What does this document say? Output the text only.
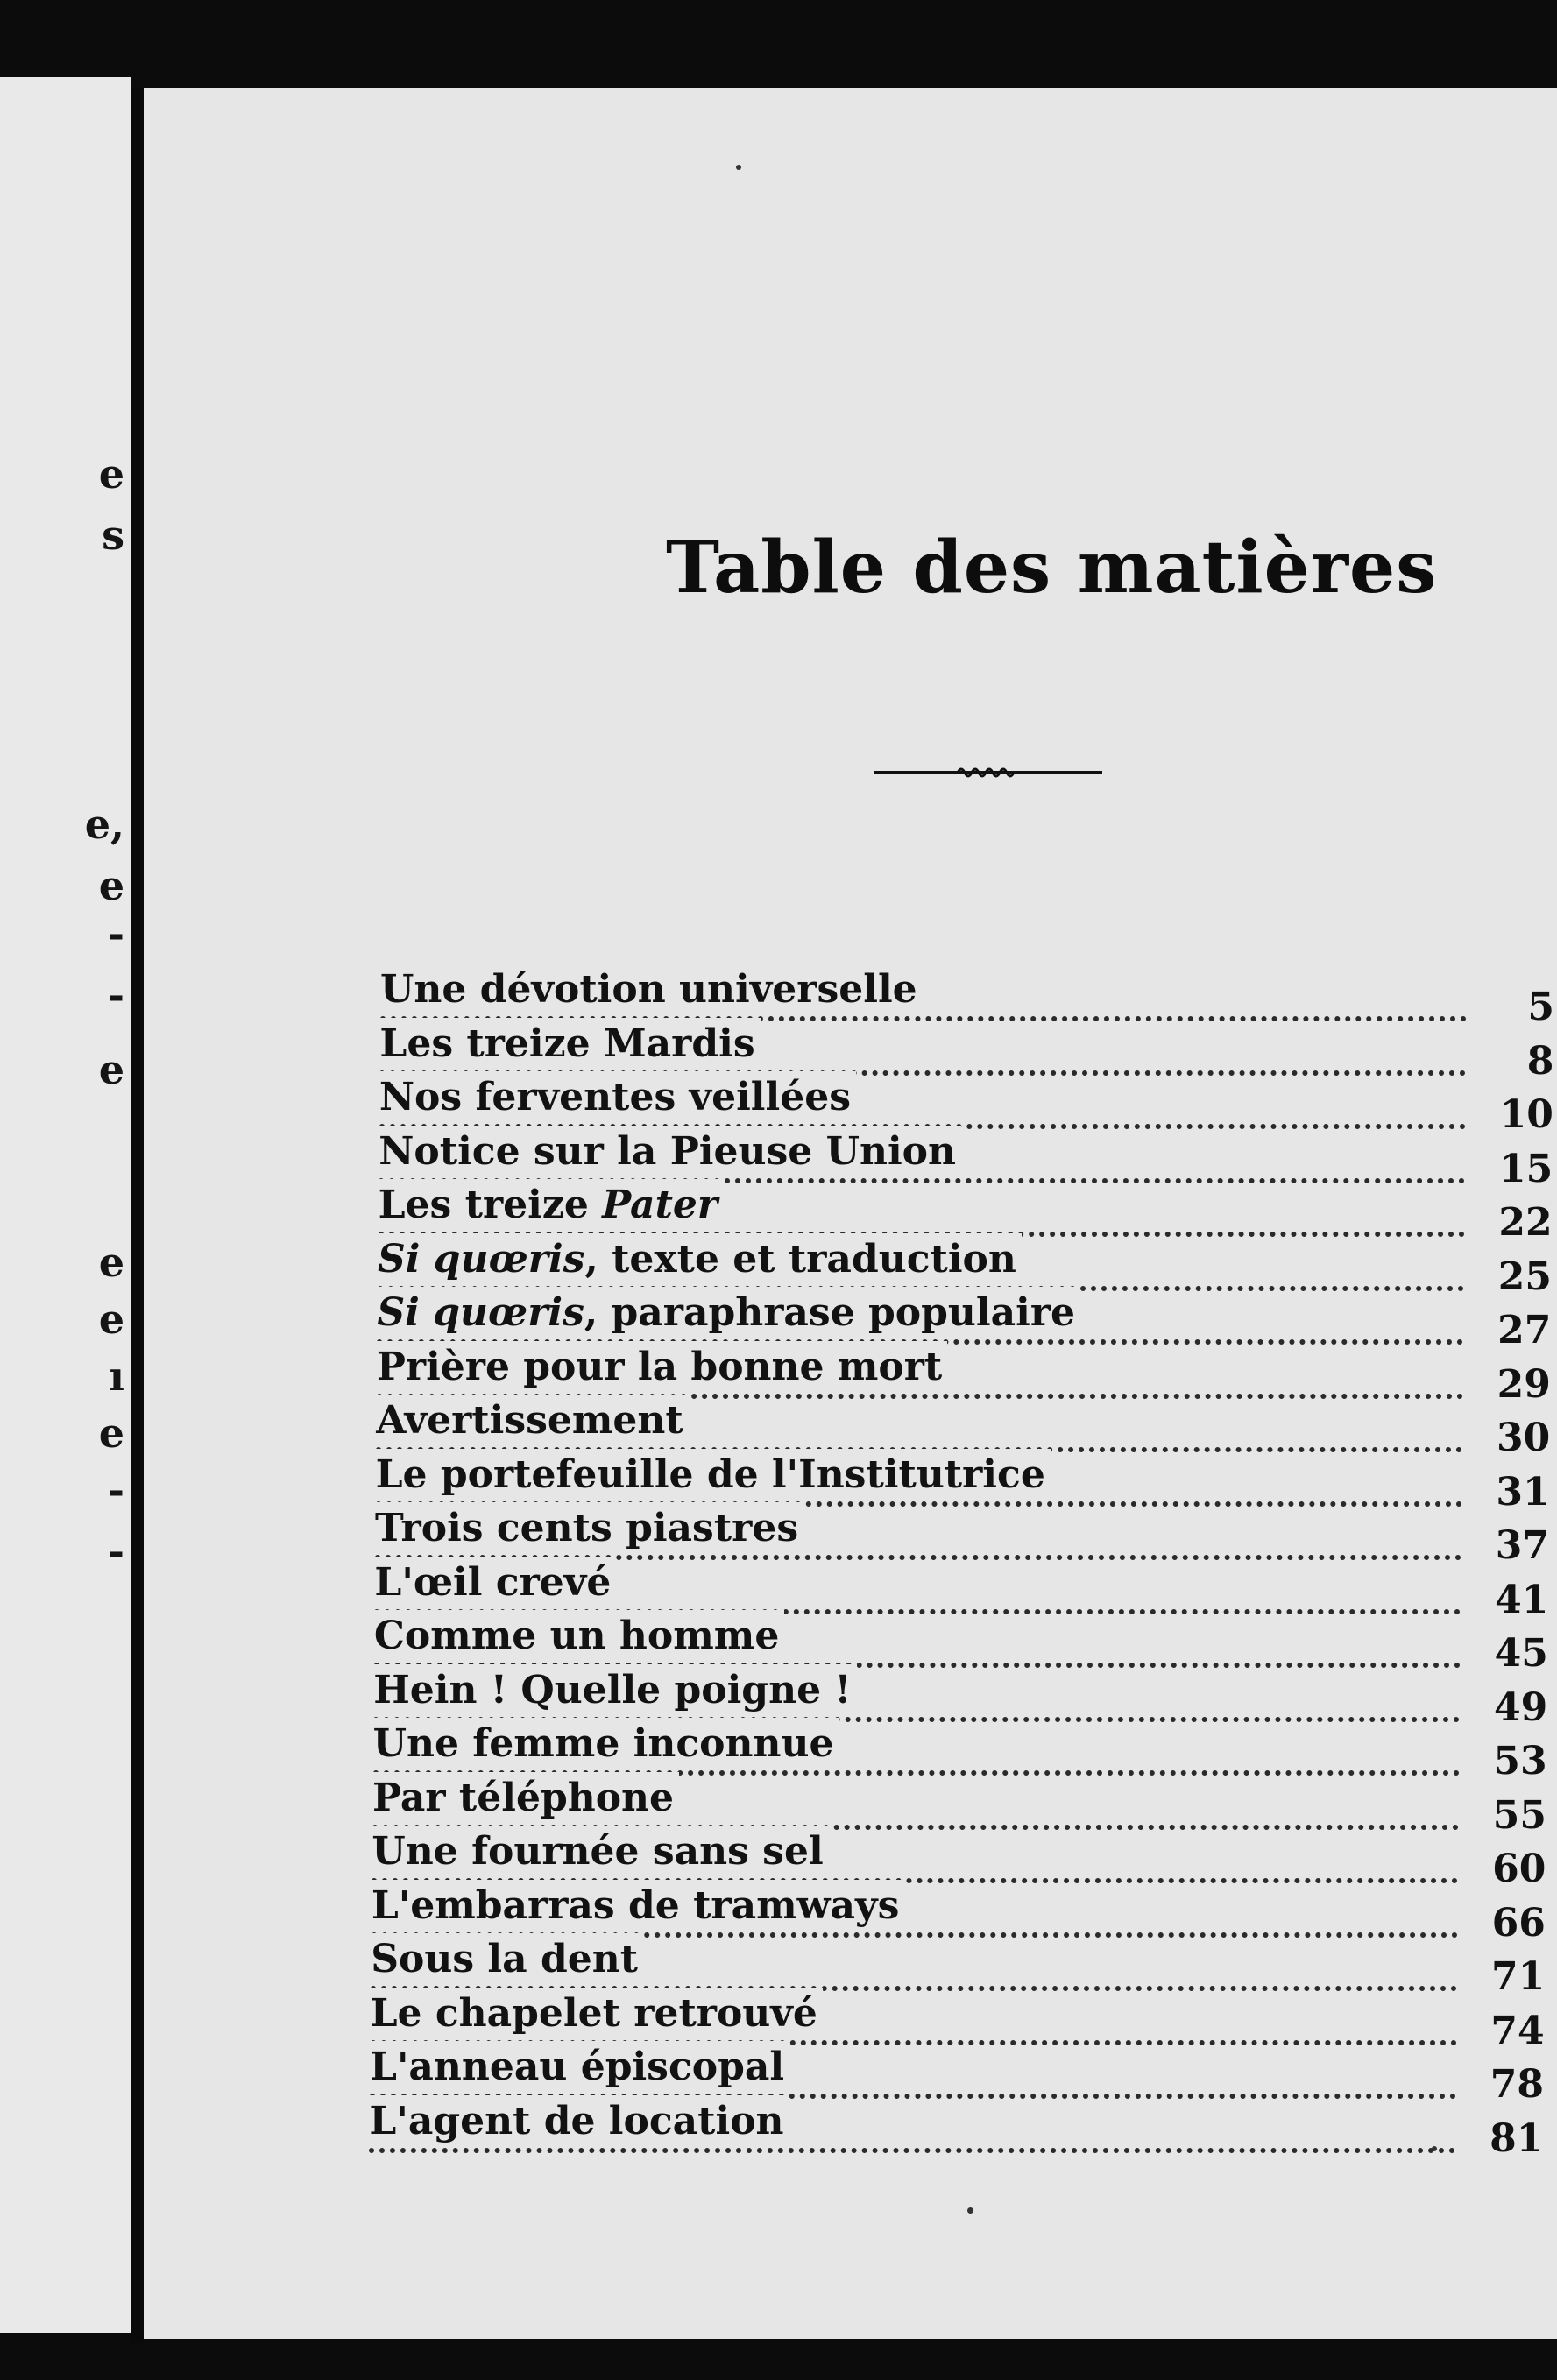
e
s
e,
e
-
-
e
e
e
ı
e
-
-
Table des matières
Une dévotion universelle	5
Les treize Mardis	8
Nos ferventes veillées	10
Notice sur la Pieuse Union	15
Les treize Pater	22
Si quœris, texte et traduction	25
Si quœris, paraphrase populaire	27
Prière pour la bonne mort	29
Avertissement	30
Le portefeuille de l'Institutrice	31
Trois cents piastres	37
L'œil crevé	41
Comme un homme	45
Hein ! Quelle poigne !	49
Une femme inconnue	53
Par téléphone	55
Une fournée sans sel	60
L'embarras de tramways	66
Sous la dent	71
Le chapelet retrouvé	74
L'anneau épiscopal	78
L'agent de location	81
